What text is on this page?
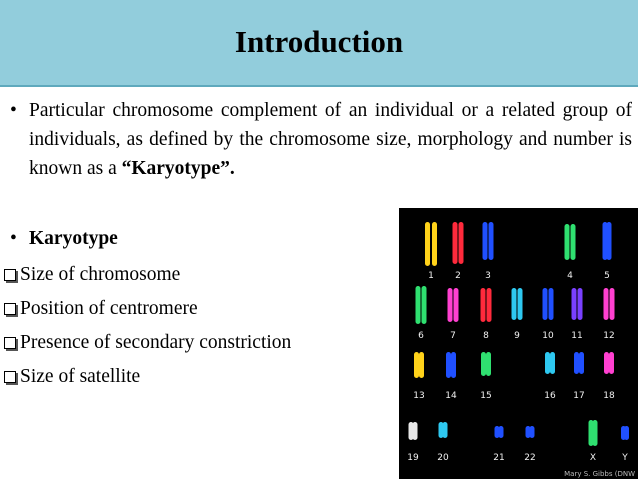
Introduction
• Particular chromosome complement of an individual or a related group of individuals, as defined by the chromosome size, morphology and number is known as a “Karyotype”.
• Karyotype
Size of chromosome
Position of centromere
Presence of secondary constriction
Size of satellite
1 2	3	4	5
6	7	8	9 10 11 12
13 14	15	16 17 18
19 20	21 22	X	Y
Mary S. Gibbs (DNW
